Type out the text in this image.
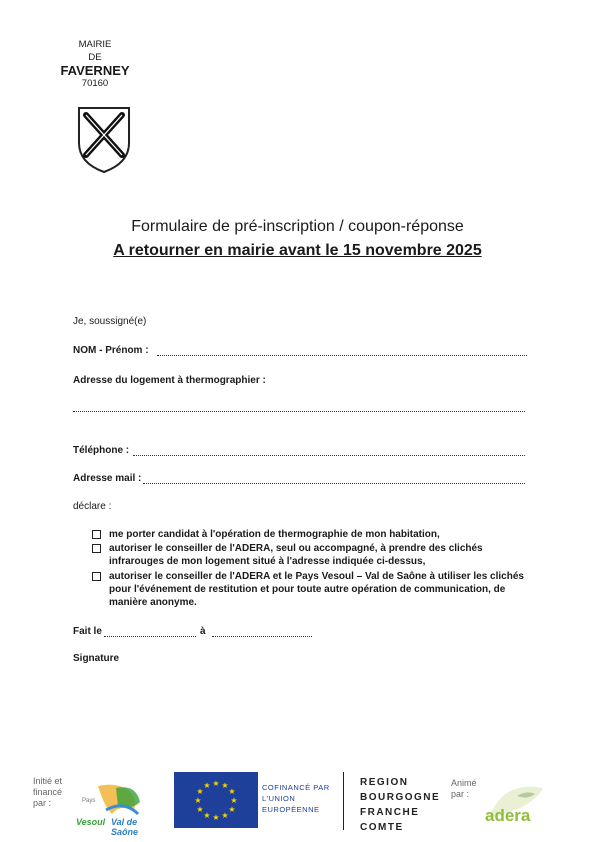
MAIRIE
DE
FAVERNEY
70160
Formulaire de pré-inscription / coupon-réponse
A retourner en mairie avant le 15 novembre 2025
Je, soussigné(e)
NOM - Prénom :
Adresse du logement à thermographier :
Téléphone :
Adresse mail :
déclare :
me porter candidat à l'opération de thermographie de mon habitation,
autoriser le conseiller de l'ADERA, seul ou accompagné, à prendre des clichés infrarouges de mon logement situé à l'adresse indiquée ci-dessus,
autoriser le conseiller de l'ADERA et le Pays Vesoul – Val de Saône à utiliser les clichés pour l'événement de restitution et pour toute autre opération de communication, de manière anonyme.
Fait le	à
Signature
Initié et financé par :	Pays
Vesoul Val de Saône
★ ★
★
★
★
★
★
★
★
★
★
★	COFINANCÉ PAR L'UNION EUROPÉENNE
REGION BOURGOGNE FRANCHE COMTE
Animé par :
adera
